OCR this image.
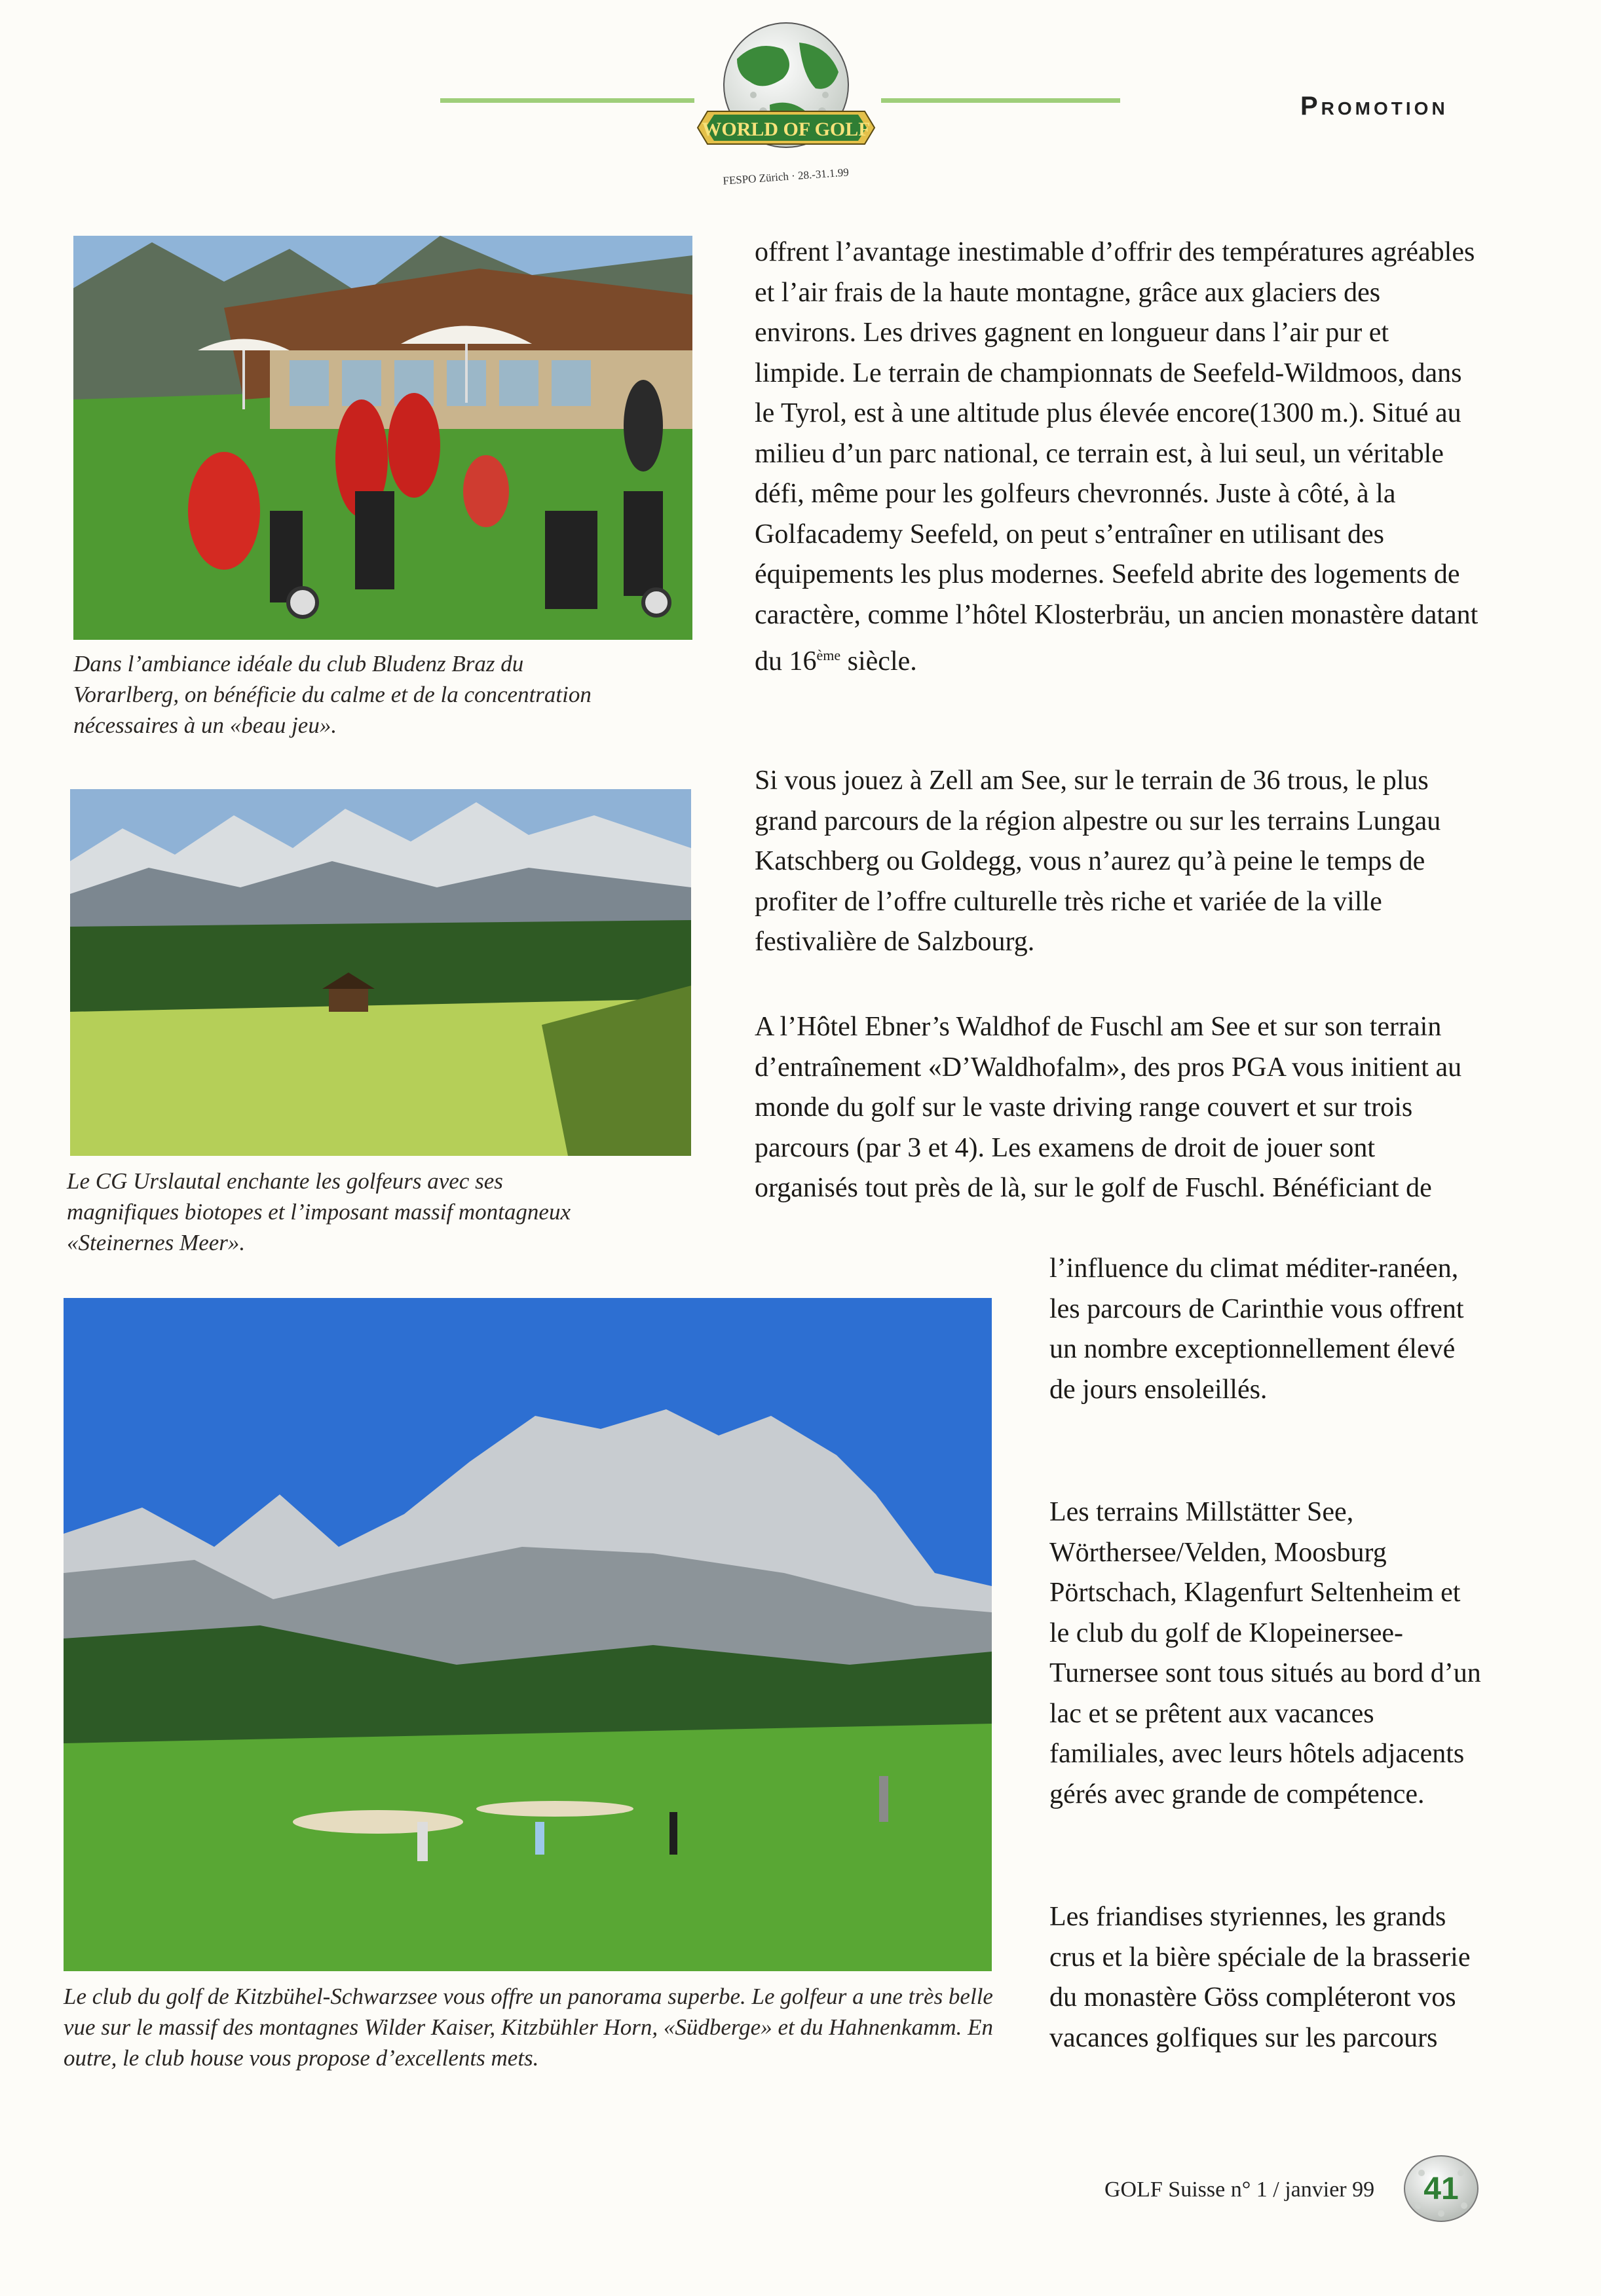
WORLD OF GOLF
FESPO Zürich · 28.-31.1.99
Promotion

Dans l’ambiance idéale du club Bludenz Braz du Vorarlberg, on bénéficie du calme et de la concentration nécessaires à un «beau jeu».

Le CG Urslautal enchante les golfeurs avec ses magnifiques biotopes et l’imposant massif montagneux «Steinernes Meer».

Le club du golf de Kitzbühel-Schwarzsee vous offre un panorama superbe. Le golfeur a une très belle vue sur le massif des montagnes Wilder Kaiser, Kitzbühler Horn, «Südberge» et du Hahnenkamm. En outre, le club house vous propose d’excellents mets.

offrent l’avantage inestimable d’offrir des températures agréables et l’air frais de la haute montagne, grâce aux glaciers des environs. Les drives gagnent en longueur dans l’air pur et limpide. Le terrain de championnats de Seefeld-Wildmoos, dans le Tyrol, est à une altitude plus élevée encore(1300 m.). Situé au milieu d’un parc national, ce terrain est, à lui seul, un véritable défi, même pour les golfeurs chevronnés. Juste à côté, à la Golfacademy Seefeld, on peut s’entraîner en utilisant des équipements les plus modernes. Seefeld abrite des logements de caractère, comme l’hôtel Klosterbräu, un ancien monastère datant du 16ème siècle.

Si vous jouez à Zell am See, sur le terrain de 36 trous, le plus grand parcours de la région alpestre ou sur les terrains Lungau Katschberg ou Goldegg, vous n’aurez qu’à peine le temps de profiter de l’offre culturelle très riche et variée de la ville festivalière de Salzbourg.

A l’Hôtel Ebner’s Waldhof de Fuschl am See et sur son terrain d’entraînement «D’Waldhofalm», des pros PGA vous initient au monde du golf sur le vaste driving range couvert et sur trois parcours (par 3 et 4). Les examens de droit de jouer sont organisés tout près de là, sur le golf de Fuschl. Bénéficiant de

l’influence du climat méditer-ranéen, les parcours de Carinthie vous offrent un nombre exceptionnellement élevé de jours ensoleillés.

Les terrains Millstätter See, Wörthersee/Velden, Moosburg Pörtschach, Klagenfurt Seltenheim et le club du golf de Klopeinersee-Turnersee sont tous situés au bord d’un lac et se prêtent aux vacances familiales, avec leurs hôtels adjacents gérés avec grande de compétence.

Les friandises styriennes, les grands crus et la bière spéciale de la brasserie du monastère Göss compléteront vos vacances golfiques sur les parcours

GOLF Suisse n° 1 / janvier 99 41
